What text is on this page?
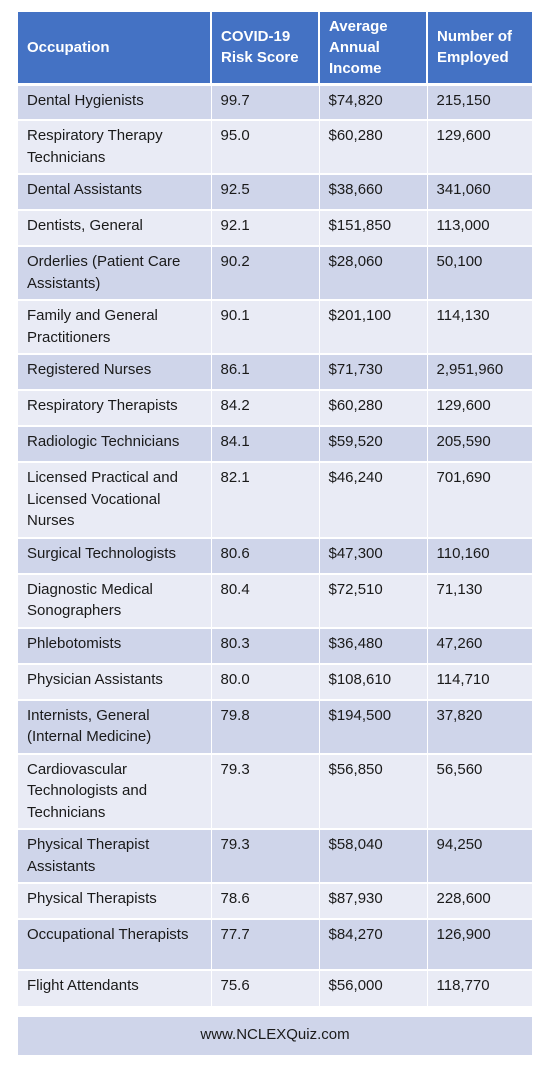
Occupation	COVID-19 Risk Score	Average Annual Income	Number of Employed
Dental Hygienists	99.7	$74,820	215,150
Respiratory Therapy Technicians	95.0	$60,280	129,600
Dental Assistants	92.5	$38,660	341,060
Dentists, General	92.1	$151,850	113,000
Orderlies (Patient Care Assistants)	90.2	$28,060	50,100
Family and General Practitioners	90.1	$201,100	114,130
Registered Nurses	86.1	$71,730	2,951,960
Respiratory Therapists	84.2	$60,280	129,600
Radiologic Technicians	84.1	$59,520	205,590
Licensed Practical and Licensed Vocational Nurses	82.1	$46,240	701,690
Surgical Technologists	80.6	$47,300	110,160
Diagnostic Medical Sonographers	80.4	$72,510	71,130
Phlebotomists	80.3	$36,480	47,260
Physician Assistants	80.0	$108,610	114,710
Internists, General (Internal Medicine)	79.8	$194,500	37,820
Cardiovascular Technologists and Technicians	79.3	$56,850	56,560
Physical Therapist Assistants	79.3	$58,040	94,250
Physical Therapists	78.6	$87,930	228,600
Occupational Therapists	77.7	$84,270	126,900
Flight Attendants	75.6	$56,000	118,770
www.NCLEXQuiz.com
